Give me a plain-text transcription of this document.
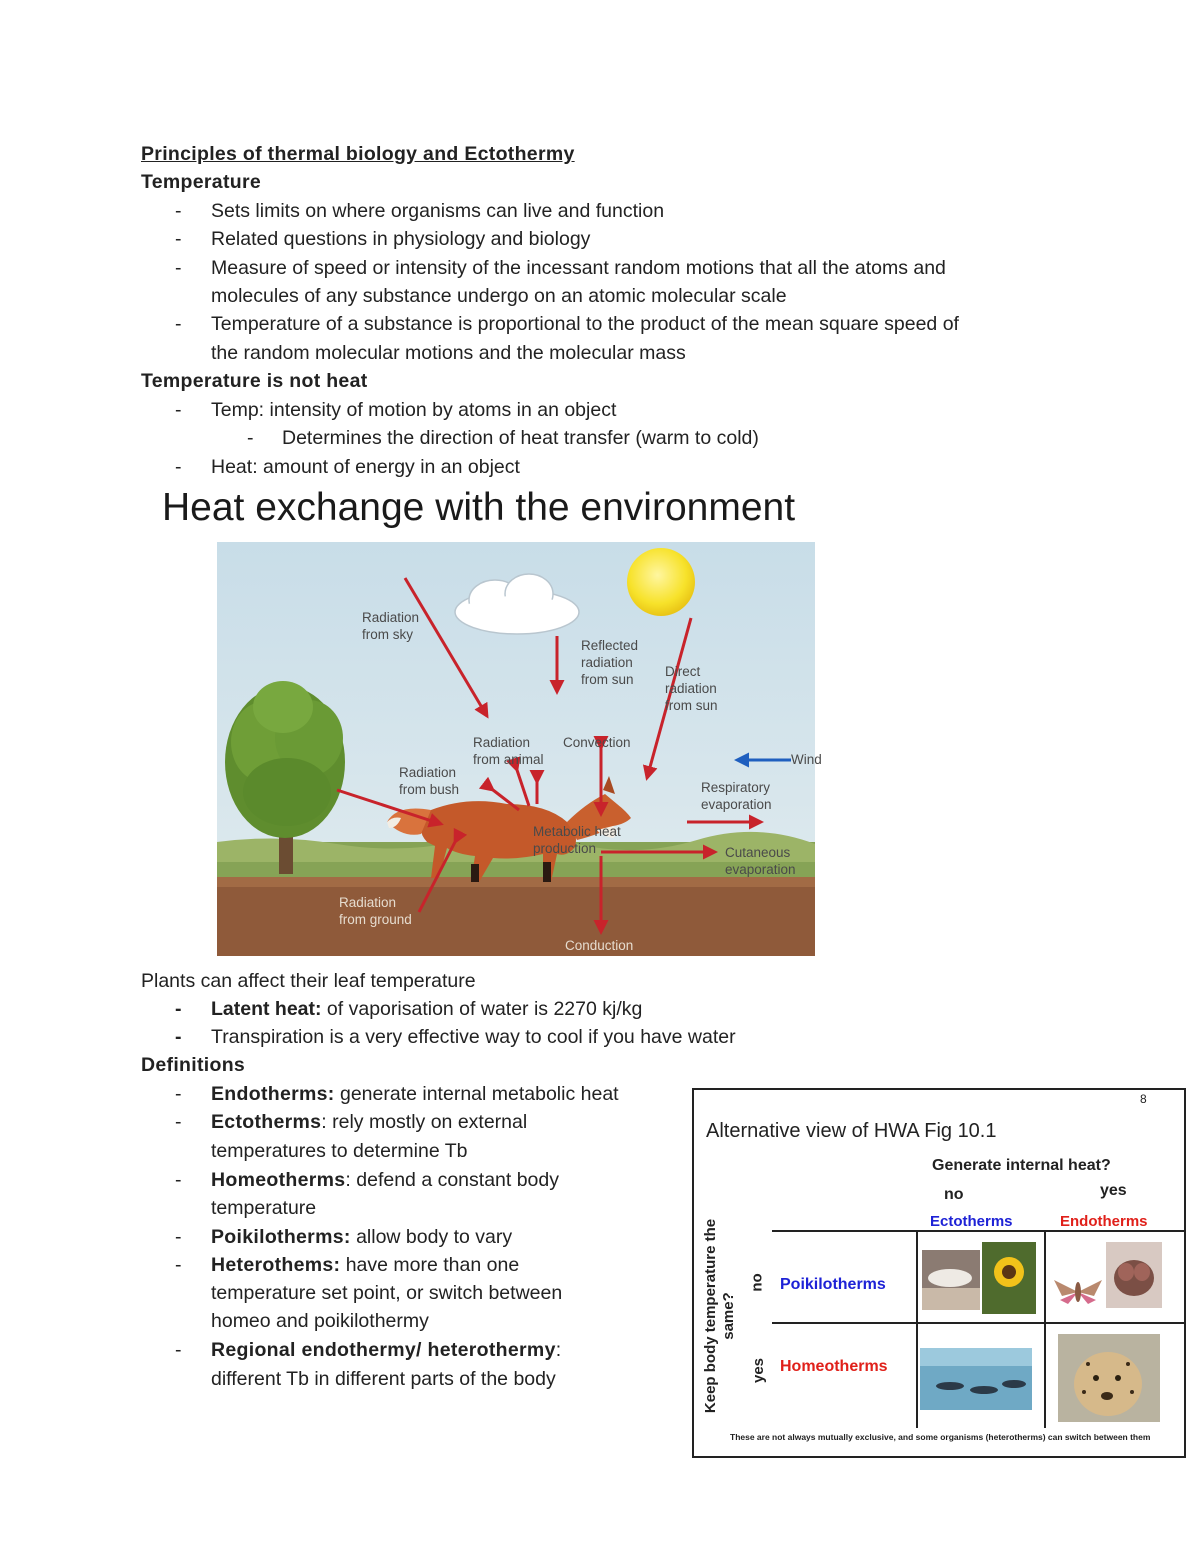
Principles of thermal biology and Ectothermy
Temperature
- Sets limits on where organisms can live and function
- Related questions in physiology and biology
- Measure of speed or intensity of the incessant random motions that all the atoms and
molecules of any substance undergo on an atomic molecular scale
- Temperature of a substance is proportional to the product of the mean square speed of
the random molecular motions and the molecular mass
Temperature is not heat
- Temp: intensity of motion by atoms in an object
- Determines the direction of heat transfer (warm to cold)
- Heat: amount of energy in an object
Heat exchange with the environment
Radiation
from sky
Reflected
radiation
from sun
Direct
radiation
from sun
Radiation
from animal
Convection
Wind
Radiation
from bush	Respiratory
evaporation
Metabolic heat
production	Cutaneous
evaporation
Radiation
from ground
Conduction
Plants can affect their leaf temperature
- Latent heat: of vaporisation of water is 2270 kj/kg
- Transpiration is a very effective way to cool if you have water
Definitions
- Endotherms: generate internal metabolic heat
- Ectotherms: rely mostly on external
temperatures to determine Tb
- Homeotherms: defend a constant body
temperature
- Poikilotherms: allow body to vary
- Heterothems: have more than one
temperature set point, or switch between
homeo and poikilothermy
- Regional endothermy/ heterothermy:
different Tb in different parts of the body
8
Alternative view of HWA Fig 10.1
Generate internal heat?
no	yes
Ectotherms	Endotherms
Keep body temperature the same?
no
yes
Poikilotherms
Homeotherms
These are not always mutually exclusive, and some organisms (heterotherms) can switch between them
